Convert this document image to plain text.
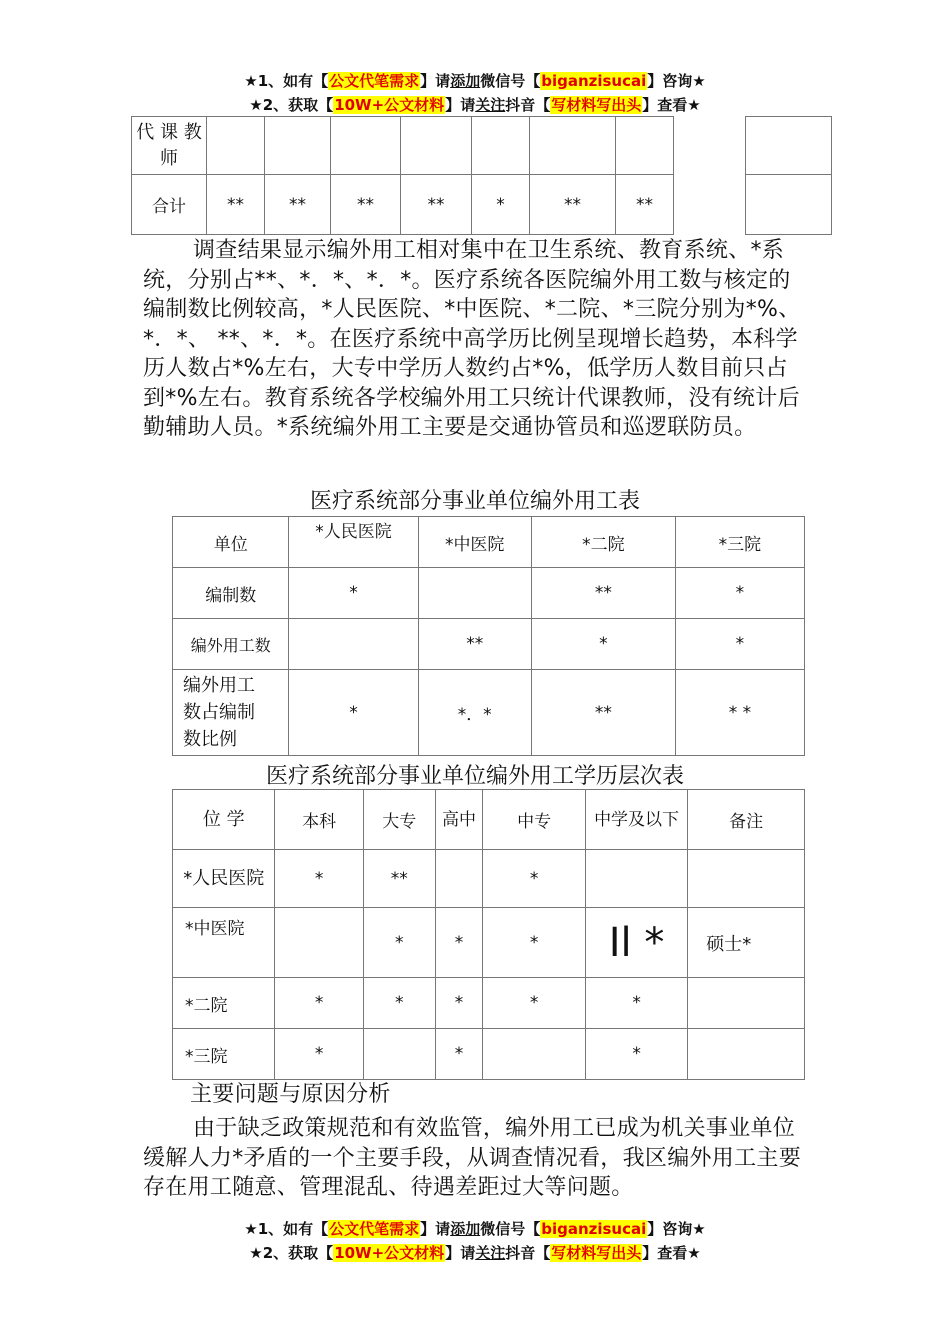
★1、如有【公文代笔需求】请添加微信号【biganzisucai】咨询★
★2、获取【10W+公文材料】请关注抖音【写材料写出头】查看★
代 课 教师									
合计	**	**	**	**	*	**	**		
调查结果显示编外用工相对集中在卫生系统、教育系统、*系统，分别占**、*．*、*．*。医疗系统各医院编外用工数与核定的编制数比例较高，*人民医院、*中医院、*二院、*三院分别为*%、*．*、 **、*．*。在医疗系统中高学历比例呈现增长趋势，本科学历人数占*%左右，大专中学历人数约占*%，低学历人数目前只占到*%左右。教育系统各学校编外用工只统计代课教师，没有统计后勤辅助人员。*系统编外用工主要是交通协管员和巡逻联防员。
医疗系统部分事业单位编外用工表
单位	*人民医院	*中医院	*二院	*三院
编制数	*		**	*
编外用工数		**	*	*
编外用工数占编制数比例	*	*．*	**	* *
医疗系统部分事业单位编外用工学历层次表
位 学	本科	大专	高中	中专	中学及以下	备注
*人民医院	*	**		*		
*中医院		*	*	*	Il *	硕士*
*二院	*	*	*	*	*	
*三院	*		*		*	
主要问题与原因分析
由于缺乏政策规范和有效监管，编外用工已成为机关事业单位缓解人力*矛盾的一个主要手段，从调查情况看，我区编外用工主要存在用工随意、管理混乱、待遇差距过大等问题。
★1、如有【公文代笔需求】请添加微信号【biganzisucai】咨询★
★2、获取【10W+公文材料】请关注抖音【写材料写出头】查看★
